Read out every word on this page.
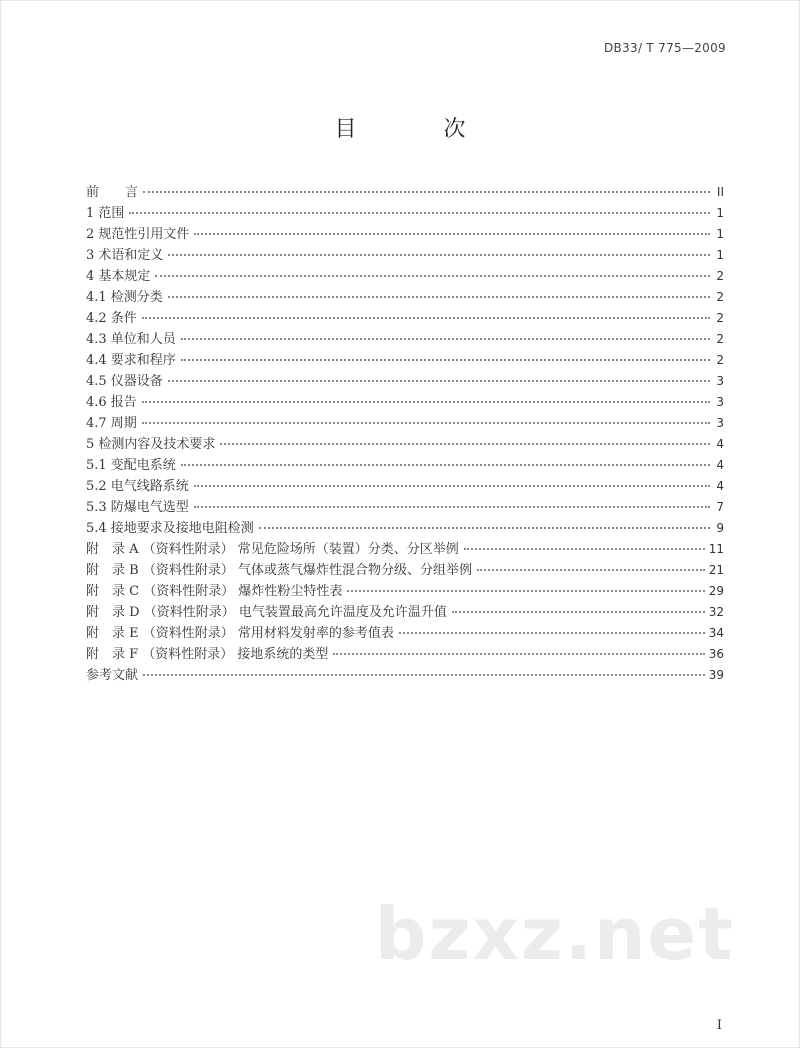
DB33/ T 775—2009
目 次
前　　言	II
1 范围	1
2 规范性引用文件	1
3 术语和定义	1
4 基本规定	2
4.1 检测分类	2
4.2 条件	2
4.3 单位和人员	2
4.4 要求和程序	2
4.5 仪器设备	3
4.6 报告	3
4.7 周期	3
5 检测内容及技术要求	4
5.1 变配电系统	4
5.2 电气线路系统	4
5.3 防爆电气选型	7
5.4 接地要求及接地电阻检测	9
附　录 A （资料性附录） 常见危险场所（装置）分类、分区举例	11
附　录 B （资料性附录） 气体或蒸气爆炸性混合物分级、分组举例	21
附　录 C （资料性附录） 爆炸性粉尘特性表	29
附　录 D （资料性附录） 电气装置最高允许温度及允许温升值	32
附　录 E （资料性附录） 常用材料发射率的参考值表	34
附　录 F （资料性附录） 接地系统的类型	36
参考文献	39
bzxz.net
I
